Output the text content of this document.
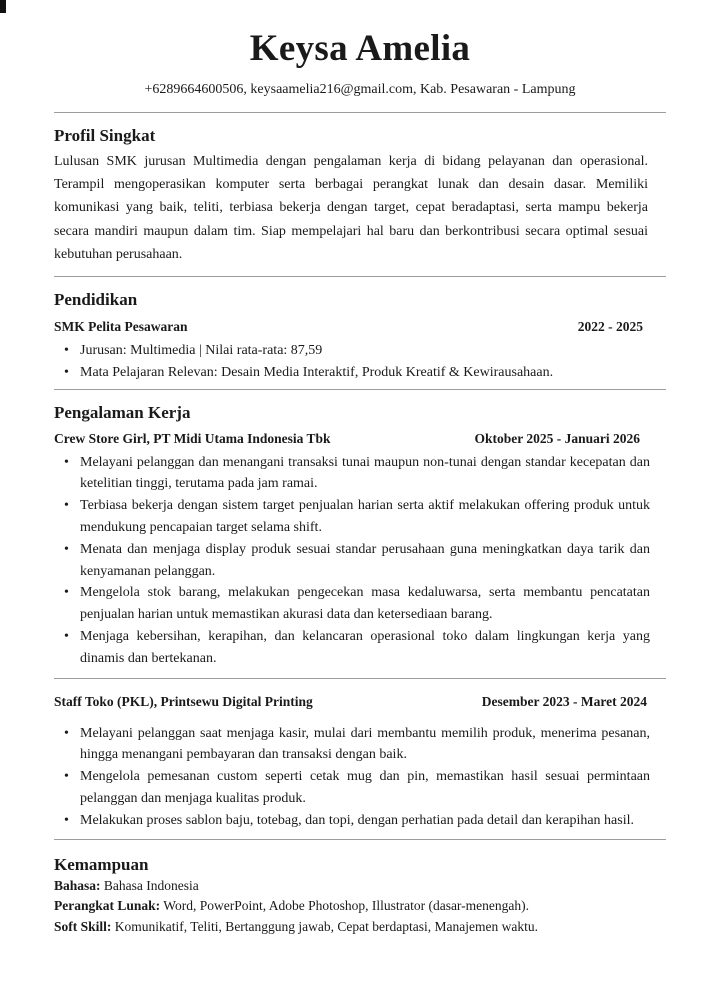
Keysa Amelia
+6289664600506, keysaamelia216@gmail.com, Kab. Pesawaran - Lampung
Profil Singkat
Lulusan SMK jurusan Multimedia dengan pengalaman kerja di bidang pelayanan dan operasional. Terampil mengoperasikan komputer serta berbagai perangkat lunak dan desain dasar. Memiliki komunikasi yang baik, teliti, terbiasa bekerja dengan target, cepat beradaptasi, serta mampu bekerja secara mandiri maupun dalam tim. Siap mempelajari hal baru dan berkontribusi secara optimal sesuai kebutuhan perusahaan.
Pendidikan
SMK Pelita Pesawaran	2022 - 2025
• Jurusan: Multimedia | Nilai rata-rata: 87,59
• Mata Pelajaran Relevan: Desain Media Interaktif, Produk Kreatif & Kewirausahaan.
Pengalaman Kerja
Crew Store Girl, PT Midi Utama Indonesia Tbk	Oktober 2025 - Januari 2026
• Melayani pelanggan dan menangani transaksi tunai maupun non-tunai dengan standar kecepatan dan ketelitian tinggi, terutama pada jam ramai.
• Terbiasa bekerja dengan sistem target penjualan harian serta aktif melakukan offering produk untuk mendukung pencapaian target selama shift.
• Menata dan menjaga display produk sesuai standar perusahaan guna meningkatkan daya tarik dan kenyamanan pelanggan.
• Mengelola stok barang, melakukan pengecekan masa kedaluwarsa, serta membantu pencatatan penjualan harian untuk memastikan akurasi data dan ketersediaan barang.
• Menjaga kebersihan, kerapihan, dan kelancaran operasional toko dalam lingkungan kerja yang dinamis dan bertekanan.
Staff Toko (PKL), Printsewu Digital Printing	Desember 2023 - Maret 2024
• Melayani pelanggan saat menjaga kasir, mulai dari membantu memilih produk, menerima pesanan, hingga menangani pembayaran dan transaksi dengan baik.
• Mengelola pemesanan custom seperti cetak mug dan pin, memastikan hasil sesuai permintaan pelanggan dan menjaga kualitas produk.
• Melakukan proses sablon baju, totebag, dan topi, dengan perhatian pada detail dan kerapihan hasil.
Kemampuan
Bahasa: Bahasa Indonesia
Perangkat Lunak: Word, PowerPoint, Adobe Photoshop, Illustrator (dasar-menengah).
Soft Skill: Komunikatif, Teliti, Bertanggung jawab, Cepat berdaptasi, Manajemen waktu.
